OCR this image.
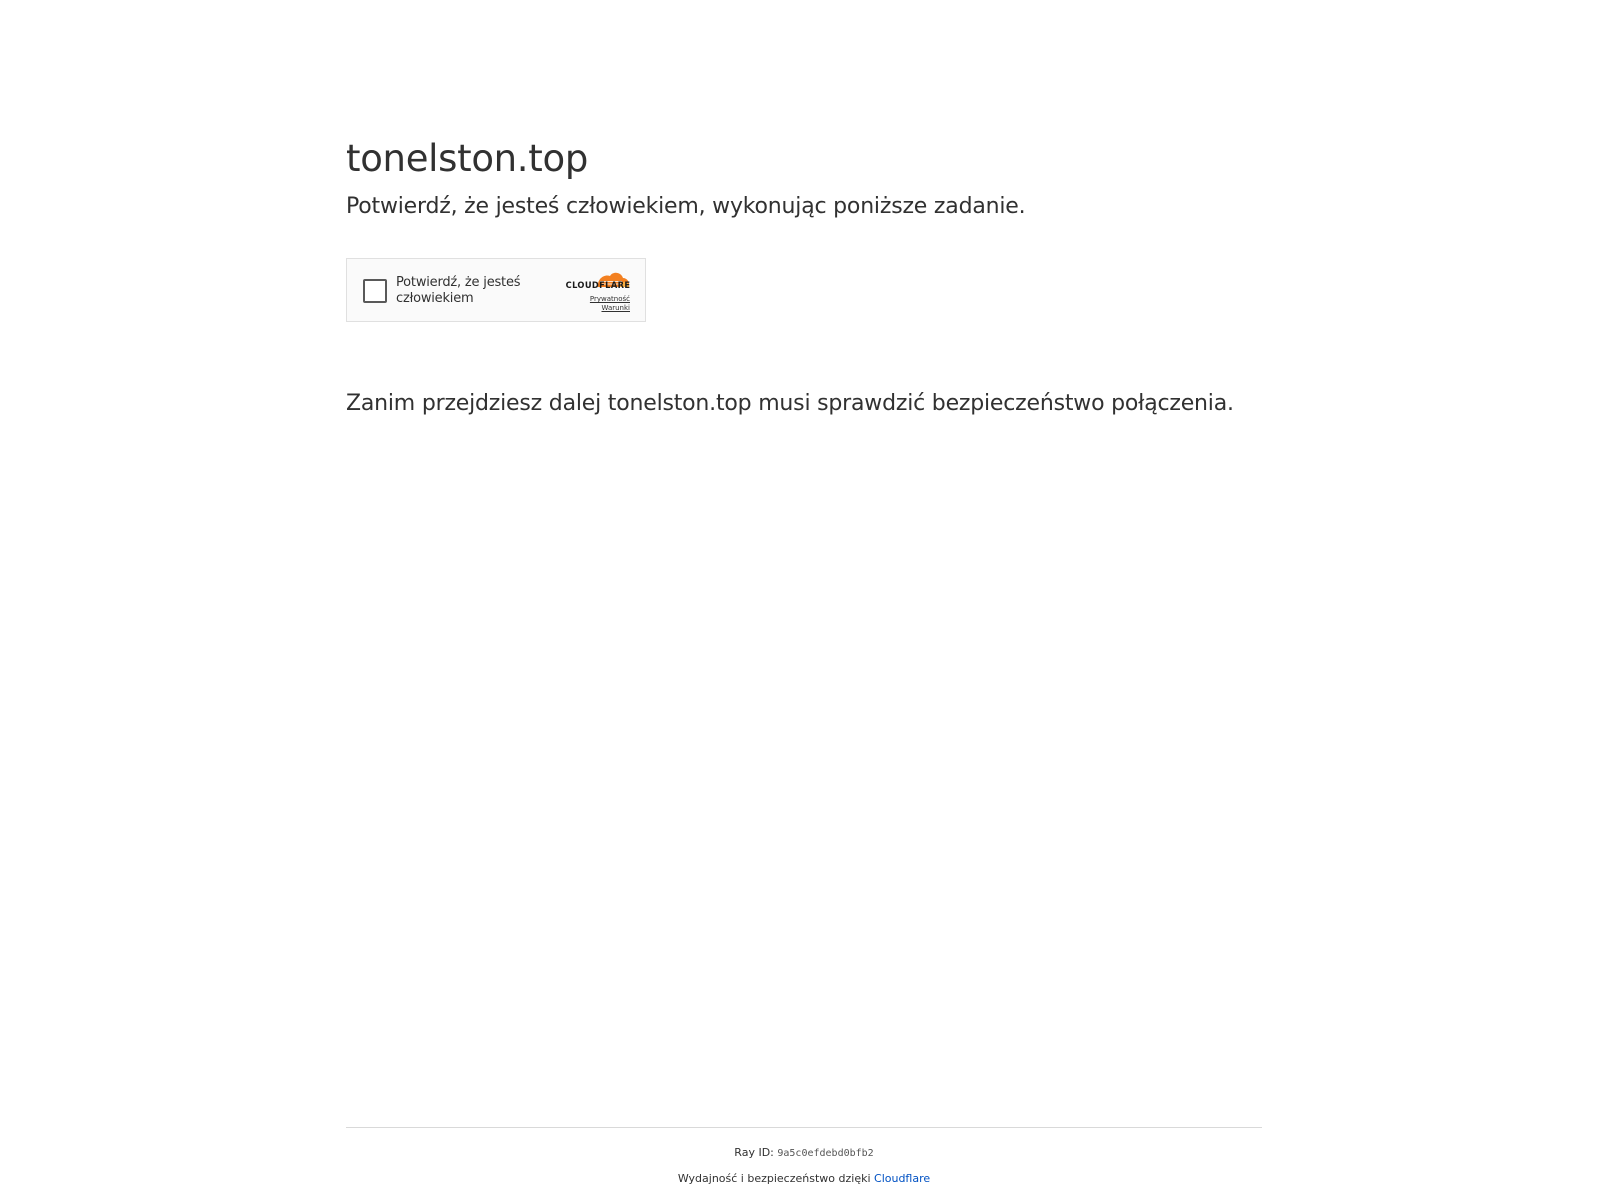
tonelston.top
Potwierdź, że jesteś człowiekiem, wykonując poniższe zadanie.
Potwierdź, że jesteś człowiekiem
CLOUDFLARE
Prywatność
Warunki

Zanim przejdziesz dalej tonelston.top musi sprawdzić bezpieczeństwo połączenia.

Ray ID: 9a5c0efdebd0bfb2
Wydajność i bezpieczeństwo dzięki Cloudflare
